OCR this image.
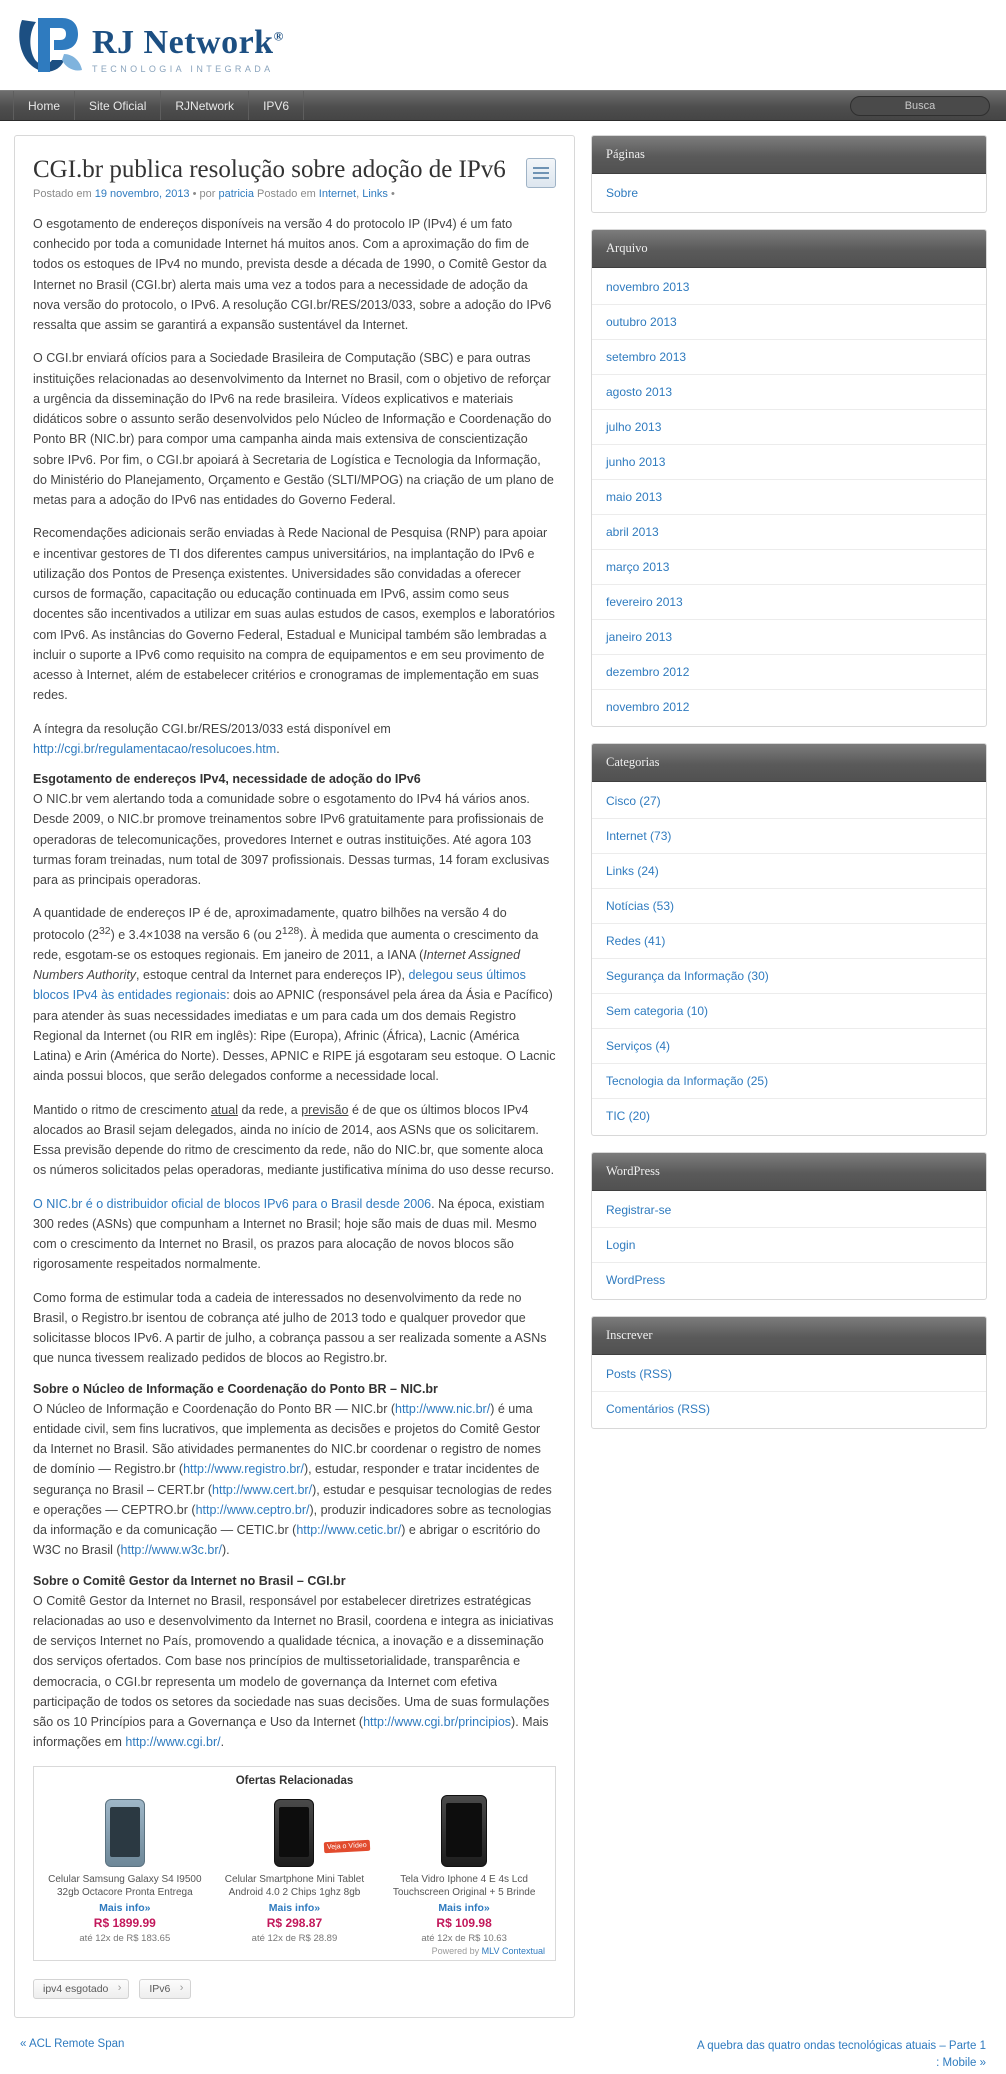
RJ Network®
TECNOLOGIA INTEGRADA
Home	Site Oficial	RJNetwork	IPV6
Busca
CGI.br publica resolução sobre adoção de IPv6
Postado em 19 novembro, 2013 • por patricia Postado em Internet, Links •

O esgotamento de endereços disponíveis na versão 4 do protocolo IP (IPv4) é um fato conhecido por toda a comunidade Internet há muitos anos. Com a aproximação do fim de todos os estoques de IPv4 no mundo, prevista desde a década de 1990, o Comitê Gestor da Internet no Brasil (CGI.br) alerta mais uma vez a todos para a necessidade de adoção da nova versão do protocolo, o IPv6. A resolução CGI.br/RES/2013/033, sobre a adoção do IPv6 ressalta que assim se garantirá a expansão sustentável da Internet.

O CGI.br enviará ofícios para a Sociedade Brasileira de Computação (SBC) e para outras instituições relacionadas ao desenvolvimento da Internet no Brasil, com o objetivo de reforçar a urgência da disseminação do IPv6 na rede brasileira. Vídeos explicativos e materiais didáticos sobre o assunto serão desenvolvidos pelo Núcleo de Informação e Coordenação do Ponto BR (NIC.br) para compor uma campanha ainda mais extensiva de conscientização sobre IPv6. Por fim, o CGI.br apoiará à Secretaria de Logística e Tecnologia da Informação, do Ministério do Planejamento, Orçamento e Gestão (SLTI/MPOG) na criação de um plano de metas para a adoção do IPv6 nas entidades do Governo Federal.

Recomendações adicionais serão enviadas à Rede Nacional de Pesquisa (RNP) para apoiar e incentivar gestores de TI dos diferentes campus universitários, na implantação do IPv6 e utilização dos Pontos de Presença existentes. Universidades são convidadas a oferecer cursos de formação, capacitação ou educação continuada em IPv6, assim como seus docentes são incentivados a utilizar em suas aulas estudos de casos, exemplos e laboratórios com IPv6. As instâncias do Governo Federal, Estadual e Municipal também são lembradas a incluir o suporte a IPv6 como requisito na compra de equipamentos e em seu provimento de acesso à Internet, além de estabelecer critérios e cronogramas de implementação em suas redes.

A íntegra da resolução CGI.br/RES/2013/033 está disponível em http://cgi.br/regulamentacao/resolucoes.htm.

Esgotamento de endereços IPv4, necessidade de adoção do IPv6

O NIC.br vem alertando toda a comunidade sobre o esgotamento do IPv4 há vários anos. Desde 2009, o NIC.br promove treinamentos sobre IPv6 gratuitamente para profissionais de operadoras de telecomunicações, provedores Internet e outras instituições. Até agora 103 turmas foram treinadas, num total de 3097 profissionais. Dessas turmas, 14 foram exclusivas para as principais operadoras.

A quantidade de endereços IP é de, aproximadamente, quatro bilhões na versão 4 do protocolo $(2^{32})$ e 3.4×1038 na versão 6 (ou $2^{128}$). À medida que aumenta o crescimento da rede, esgotam-se os estoques regionais. Em janeiro de 2011, a IANA (Internet Assigned Numbers Authority, estoque central da Internet para endereços IP), delegou seus últimos blocos IPv4 às entidades regionais: dois ao APNIC (responsável pela área da Ásia e Pacífico) para atender às suas necessidades imediatas e um para cada um dos demais Registro Regional da Internet (ou RIR em inglês): Ripe (Europa), Afrinic (África), Lacnic (América Latina) e Arin (América do Norte). Desses, APNIC e RIPE já esgotaram seu estoque. O Lacnic ainda possui blocos, que serão delegados conforme a necessidade local.

Mantido o ritmo de crescimento atual da rede, a previsão é de que os últimos blocos IPv4 alocados ao Brasil sejam delegados, ainda no início de 2014, aos ASNs que os solicitarem. Essa previsão depende do ritmo de crescimento da rede, não do NIC.br, que somente aloca os números solicitados pelas operadoras, mediante justificativa mínima do uso desse recurso.

O NIC.br é o distribuidor oficial de blocos IPv6 para o Brasil desde 2006. Na época, existiam 300 redes (ASNs) que compunham a Internet no Brasil; hoje são mais de duas mil. Mesmo com o crescimento da Internet no Brasil, os prazos para alocação de novos blocos são rigorosamente respeitados normalmente.

Como forma de estimular toda a cadeia de interessados no desenvolvimento da rede no Brasil, o Registro.br isentou de cobrança até julho de 2013 todo e qualquer provedor que solicitasse blocos IPv6. A partir de julho, a cobrança passou a ser realizada somente a ASNs que nunca tivessem realizado pedidos de blocos ao Registro.br.

Sobre o Núcleo de Informação e Coordenação do Ponto BR – NIC.br

O Núcleo de Informação e Coordenação do Ponto BR — NIC.br (http://www.nic.br/) é uma entidade civil, sem fins lucrativos, que implementa as decisões e projetos do Comitê Gestor da Internet no Brasil. São atividades permanentes do NIC.br coordenar o registro de nomes de domínio — Registro.br (http://www.registro.br/), estudar, responder e tratar incidentes de segurança no Brasil – CERT.br (http://www.cert.br/), estudar e pesquisar tecnologias de redes e operações — CEPTRO.br (http://www.ceptro.br/), produzir indicadores sobre as tecnologias da informação e da comunicação — CETIC.br (http://www.cetic.br/) e abrigar o escritório do W3C no Brasil (http://www.w3c.br/).

Sobre o Comitê Gestor da Internet no Brasil – CGI.br

O Comitê Gestor da Internet no Brasil, responsável por estabelecer diretrizes estratégicas relacionadas ao uso e desenvolvimento da Internet no Brasil, coordena e integra as iniciativas de serviços Internet no País, promovendo a qualidade técnica, a inovação e a disseminação dos serviços ofertados. Com base nos princípios de multissetorialidade, transparência e democracia, o CGI.br representa um modelo de governança da Internet com efetiva participação de todos os setores da sociedade nas suas decisões. Uma de suas formulações são os 10 Princípios para a Governança e Uso da Internet (http://www.cgi.br/principios). Mais informações em http://www.cgi.br/.

Ofertas Relacionadas
Celular Samsung Galaxy S4 I9500 32gb Octacore Pronta Entrega
Mais info»
R$ 1899.99
até 12x de R$ 183.65
Veja o Vídeo
Celular Smartphone Mini Tablet Android 4.0 2 Chips 1ghz 8gb
Mais info»
R$ 298.87
até 12x de R$ 28.89
Tela Vidro Iphone 4 E 4s Lcd Touchscreen Original + 5 Brinde
Mais info»
R$ 109.98
até 12x de R$ 10.63
Powered by MLV Contextual
ipv4 esgotado ›	IPv6 ›
Páginas
Sobre
Arquivo
novembro 2013
outubro 2013
setembro 2013
agosto 2013
julho 2013
junho 2013
maio 2013
abril 2013
março 2013
fevereiro 2013
janeiro 2013
dezembro 2012
novembro 2012
Categorias
Cisco (27)
Internet (73)
Links (24)
Notícias (53)
Redes (41)
Segurança da Informação (30)
Sem categoria (10)
Serviços (4)
Tecnologia da Informação (25)
TIC (20)
WordPress
Registrar-se
Login
WordPress
Inscrever
Posts (RSS)
Comentários (RSS)
« ACL Remote Span	A quebra das quatro ondas tecnológicas atuais – Parte 1 : Mobile »
